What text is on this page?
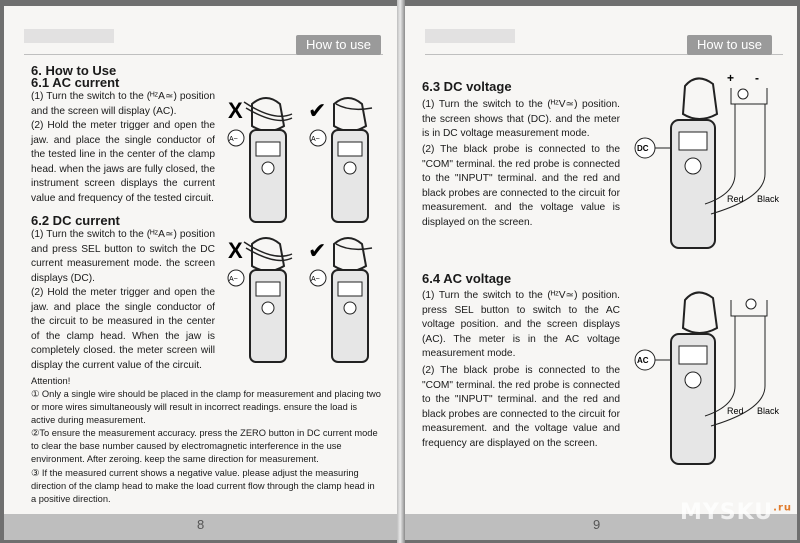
How to use
6. How to Use
6.1 AC current
(1) Turn the switch to the (ᴴᶻA≃) position and the screen will display (AC).
(2) Hold the meter trigger and open the jaw. and place the single conductor of the tested line in the center of the clamp head. when the jaws are fully closed, the instrument screen displays the current value and frequency of the tested circuit.
6.2 DC current
(1) Turn the switch to the (ᴴᶻA≃) position and press SEL button to switch the DC current measurement mode. the screen displays (DC).
(2) Hold the meter trigger and open the jaw. and place the single conductor of the circuit to be measured in the center of the clamp head. When the jaw is completely closed. the meter screen will display the current value of the circuit.
Attention!
① Only a single wire should be placed in the clamp for measurement and placing two or more wires simultaneously will result in incorrect readings. ensure the load is active during measurement.
②To ensure the measurement accuracy. press the ZERO button in DC current mode to clear the base number caused by electromagnetic interference in the use environment. After zeroing. keep the same direction for measurement.
③ If the measured current shows a negative value. please adjust the measuring direction of the clamp head to make the load current flow through the clamp head in a positive direction.
X
A~
✔
A~
X
A~
✔
A~
8
How to use
6.3 DC voltage
(1) Turn the switch to the (ᴴᶻV≃) position. the screen shows that (DC). and the meter is in DC voltage measurement mode.
(2) The black probe is connected to the "COM" terminal. the red probe is connected to the "INPUT" terminal. and the red and black probes are connected to the circuit for measurement. and the voltage value is displayed on the screen.
6.4 AC voltage
(1) Turn the switch to the (ᴴᶻV≃) position. press SEL button to switch to the AC voltage position. and the screen displays (AC). The meter is in the AC voltage measurement mode.
(2) The black probe is connected to the "COM" terminal. the red probe is connected to the "INPUT" terminal. and the red and black probes are connected to the circuit for measurement. and the voltage value and frequency are displayed on the screen.
+ -
DC
Red Black
AC
Red Black
9	$MYSKU^{.ru}$
